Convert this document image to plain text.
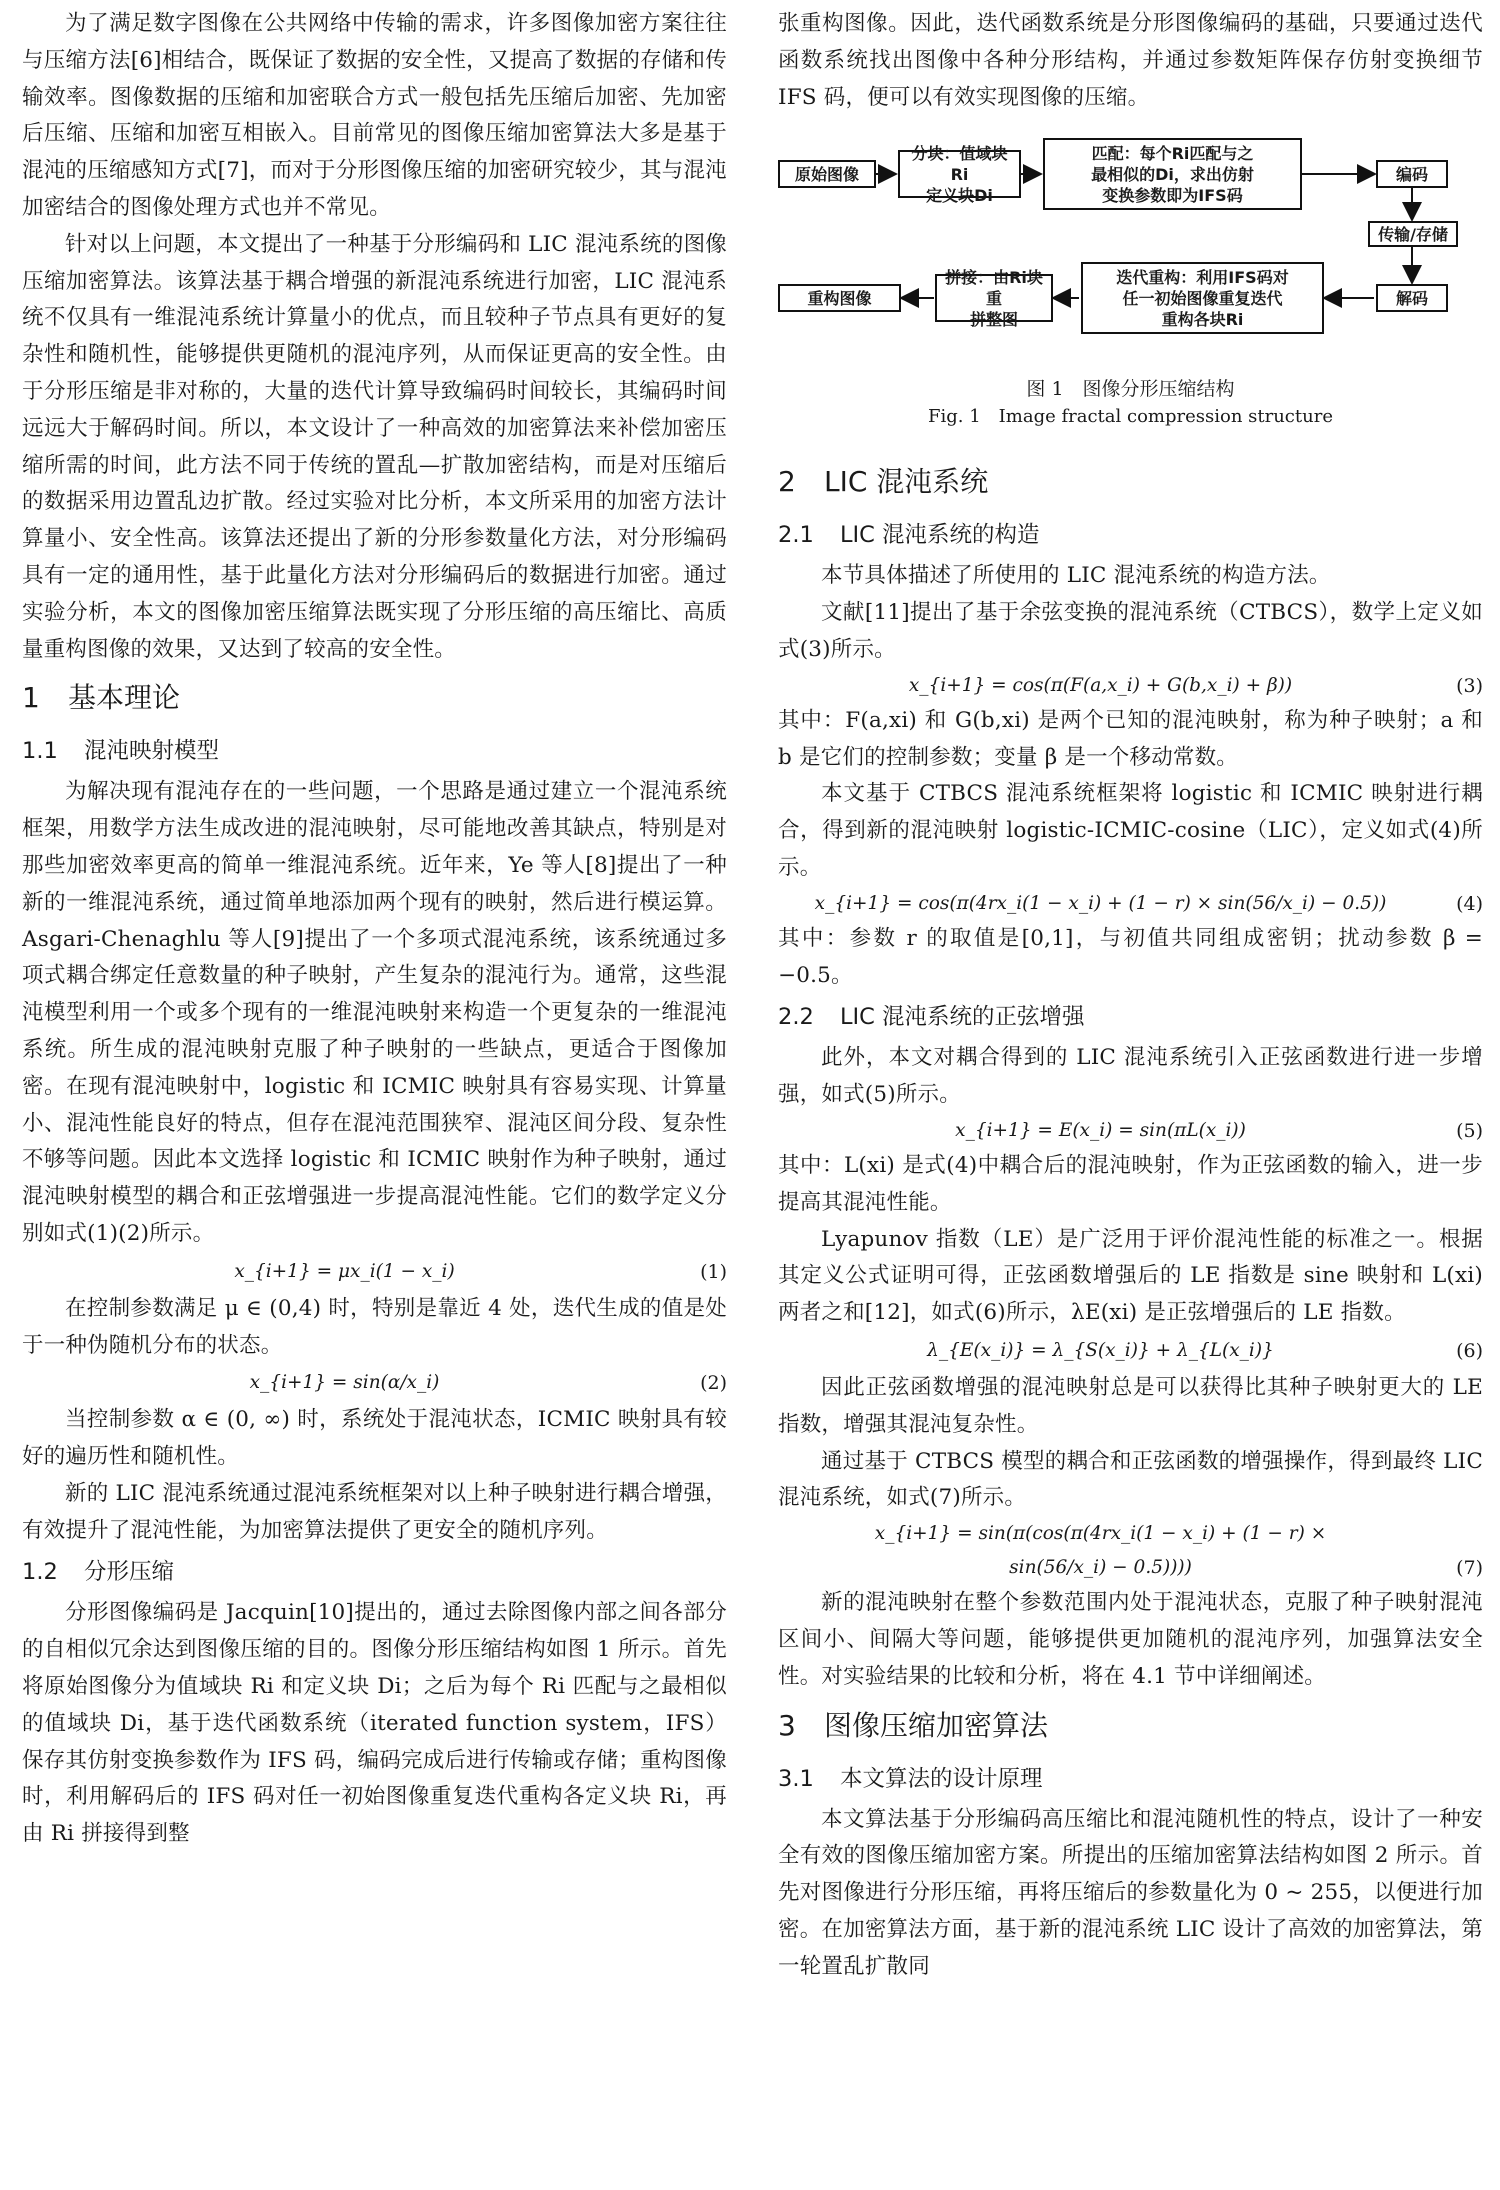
为了满足数字图像在公共网络中传输的需求，许多图像加密方案往往与压缩方法[6]相结合，既保证了数据的安全性，又提高了数据的存储和传输效率。图像数据的压缩和加密联合方式一般包括先压缩后加密、先加密后压缩、压缩和加密互相嵌入。目前常见的图像压缩加密算法大多是基于混沌的压缩感知方式[7]，而对于分形图像压缩的加密研究较少，其与混沌加密结合的图像处理方式也并不常见。

针对以上问题，本文提出了一种基于分形编码和 LIC 混沌系统的图像压缩加密算法。该算法基于耦合增强的新混沌系统进行加密，LIC 混沌系统不仅具有一维混沌系统计算量小的优点，而且较种子节点具有更好的复杂性和随机性，能够提供更随机的混沌序列，从而保证更高的安全性。由于分形压缩是非对称的，大量的迭代计算导致编码时间较长，其编码时间远远大于解码时间。所以，本文设计了一种高效的加密算法来补偿加密压缩所需的时间，此方法不同于传统的置乱—扩散加密结构，而是对压缩后的数据采用边置乱边扩散。经过实验对比分析，本文所采用的加密方法计算量小、安全性高。该算法还提出了新的分形参数量化方法，对分形编码具有一定的通用性，基于此量化方法对分形编码后的数据进行加密。通过实验分析，本文的图像加密压缩算法既实现了分形压缩的高压缩比、高质量重构图像的效果，又达到了较高的安全性。

1 基本理论
1.1 混沌映射模型

为解决现有混沌存在的一些问题，一个思路是通过建立一个混沌系统框架，用数学方法生成改进的混沌映射，尽可能地改善其缺点，特别是对那些加密效率更高的简单一维混沌系统。近年来，Ye 等人[8]提出了一种新的一维混沌系统，通过简单地添加两个现有的映射，然后进行模运算。Asgari-Chenaghlu 等人[9]提出了一个多项式混沌系统，该系统通过多项式耦合绑定任意数量的种子映射，产生复杂的混沌行为。通常，这些混沌模型利用一个或多个现有的一维混沌映射来构造一个更复杂的一维混沌系统。所生成的混沌映射克服了种子映射的一些缺点，更适合于图像加密。在现有混沌映射中，logistic 和 ICMIC 映射具有容易实现、计算量小、混沌性能良好的特点，但存在混沌范围狭窄、混沌区间分段、复杂性不够等问题。因此本文选择 logistic 和 ICMIC 映射作为种子映射，通过混沌映射模型的耦合和正弦增强进一步提高混沌性能。它们的数学定义分别如式(1)(2)所示。

x_{i+1} = μx_i(1 − x_i)	(1)

在控制参数满足 μ ∈ (0,4) 时，特别是靠近 4 处，迭代生成的值是处于一种伪随机分布的状态。

x_{i+1} = sin(α/x_i)	(2)

当控制参数 α ∈ (0, ∞) 时，系统处于混沌状态，ICMIC 映射具有较好的遍历性和随机性。

新的 LIC 混沌系统通过混沌系统框架对以上种子映射进行耦合增强，有效提升了混沌性能，为加密算法提供了更安全的随机序列。

1.2 分形压缩

分形图像编码是 Jacquin[10]提出的，通过去除图像内部之间各部分的自相似冗余达到图像压缩的目的。图像分形压缩结构如图 1 所示。首先将原始图像分为值域块 Ri 和定义块 Di；之后为每个 Ri 匹配与之最相似的值域块 Di，基于迭代函数系统（iterated function system，IFS）保存其仿射变换参数作为 IFS 码，编码完成后进行传输或存储；重构图像时，利用解码后的 IFS 码对任一初始图像重复迭代重构各定义块 Ri，再由 Ri 拼接得到整

张重构图像。因此，迭代函数系统是分形图像编码的基础，只要通过迭代函数系统找出图像中各种分形结构，并通过参数矩阵保存仿射变换细节 IFS 码，便可以有效实现图像的压缩。

原始图像
分块：值域块Ri
定义块Di
匹配：每个Ri匹配与之
最相似的Di，求出仿射
变换参数即为IFS码
编码
传输/存储
解码
迭代重构：利用IFS码对
任一初始图像重复迭代
重构各块Ri
拼接：由Ri块重
拼整图
重构图像
图 1　图像分形压缩结构
Fig. 1　Image fractal compression structure
2 LIC 混沌系统
2.1 LIC 混沌系统的构造

本节具体描述了所使用的 LIC 混沌系统的构造方法。

文献[11]提出了基于余弦变换的混沌系统（CTBCS），数学上定义如式(3)所示。

x_{i+1} = cos(π(F(a,x_i) + G(b,x_i) + β))	(3)

其中：F(a,xi) 和 G(b,xi) 是两个已知的混沌映射，称为种子映射；a 和 b 是它们的控制参数；变量 β 是一个移动常数。

本文基于 CTBCS 混沌系统框架将 logistic 和 ICMIC 映射进行耦合，得到新的混沌映射 logistic-ICMIC-cosine（LIC），定义如式(4)所示。

x_{i+1} = cos(π(4rx_i(1 − x_i) + (1 − r) × sin(56/x_i) − 0.5))	(4)

其中：参数 r 的取值是[0,1]，与初值共同组成密钥；扰动参数 β = −0.5。

2.2 LIC 混沌系统的正弦增强

此外，本文对耦合得到的 LIC 混沌系统引入正弦函数进行进一步增强，如式(5)所示。

x_{i+1} = E(x_i) = sin(πL(x_i))	(5)

其中：L(xi) 是式(4)中耦合后的混沌映射，作为正弦函数的输入，进一步提高其混沌性能。

Lyapunov 指数（LE）是广泛用于评价混沌性能的标准之一。根据其定义公式证明可得，正弦函数增强后的 LE 指数是 sine 映射和 L(xi) 两者之和[12]，如式(6)所示，λE(xi) 是正弦增强后的 LE 指数。

λ_{E(x_i)} = λ_{S(x_i)} + λ_{L(x_i)}	(6)

因此正弦函数增强的混沌映射总是可以获得比其种子映射更大的 LE 指数，增强其混沌复杂性。

通过基于 CTBCS 模型的耦合和正弦函数的增强操作，得到最终 LIC 混沌系统，如式(7)所示。

x_{i+1} = sin(π(cos(π(4rx_i(1 − x_i) + (1 − r) ×
sin(56/x_i) − 0.5))))	(7)

新的混沌映射在整个参数范围内处于混沌状态，克服了种子映射混沌区间小、间隔大等问题，能够提供更加随机的混沌序列，加强算法安全性。对实验结果的比较和分析，将在 4.1 节中详细阐述。

3 图像压缩加密算法
3.1 本文算法的设计原理

本文算法基于分形编码高压缩比和混沌随机性的特点，设计了一种安全有效的图像压缩加密方案。所提出的压缩加密算法结构如图 2 所示。首先对图像进行分形压缩，再将压缩后的参数量化为 0 ~ 255，以便进行加密。在加密算法方面，基于新的混沌系统 LIC 设计了高效的加密算法，第一轮置乱扩散同
